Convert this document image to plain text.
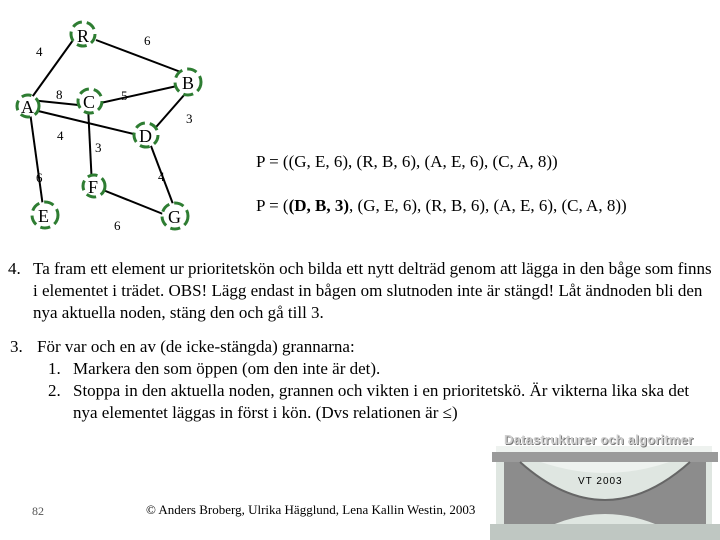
R
B
A	C
D
F
E	G
6
4
8	5
3
4
3
6	4
6
P = ((G, E, 6), (R, B, 6), (A, E, 6), (C, A, 8))
P = ((D, B, 3), (G, E, 6), (R, B, 6), (A, E, 6), (C, A, 8))
4. Ta fram ett element ur prioritetskön och bilda ett nytt delträd genom att lägga in den båge som finns i elementet i trädet. OBS! Lägg endast in bågen om slutnoden inte är stängd! Låt ändnoden bli den nya aktuella noden, stäng den och gå till 3.
3. För var och en av (de icke-stängda) grannarna:
1. Markera den som öppen (om den inte är det).
2. Stoppa in den aktuella noden, grannen och vikten i en prioritetskö. Är vikterna lika ska det nya elementet läggas in först i kön. (Dvs relationen är ≤)
Datastrukturer och algoritmer
VT 2003
82	© Anders Broberg, Ulrika Hägglund, Lena Kallin Westin, 2003
